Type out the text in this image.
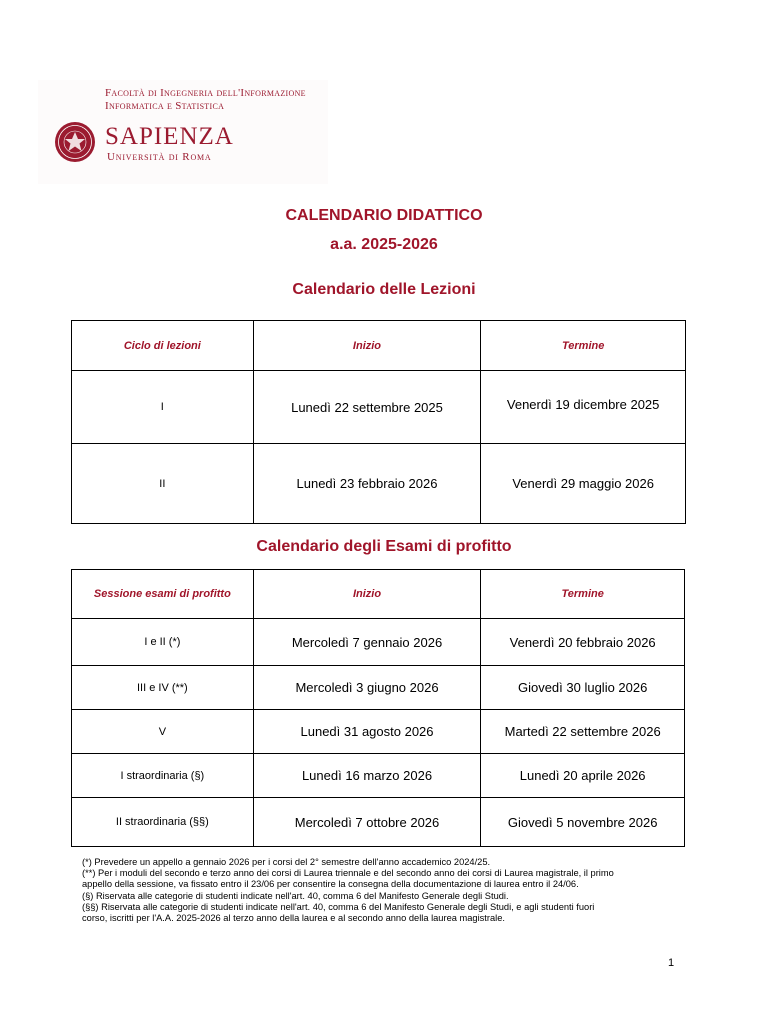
Facoltà di Ingegneria dell'Informazione
Informatica e Statistica
SAPIENZA
Università di Roma
CALENDARIO DIDATTICO
a.a. 2025-2026
Calendario delle Lezioni
Ciclo di lezioni	Inizio	Termine
I	Lunedì 22 settembre 2025	Venerdì 19 dicembre 2025
II	Lunedì 23 febbraio 2026	Venerdì 29 maggio 2026
Calendario degli Esami di profitto
Sessione esami di profitto	Inizio	Termine
I e II (*)	Mercoledì 7 gennaio 2026	Venerdì 20 febbraio 2026
III e IV (**)	Mercoledì 3 giugno 2026	Giovedì 30 luglio 2026
V	Lunedì 31 agosto 2026	Martedì 22 settembre 2026
I straordinaria (§)	Lunedì 16 marzo 2026	Lunedì 20 aprile 2026
II straordinaria (§§)	Mercoledì 7 ottobre 2026	Giovedì 5 novembre 2026
(*) Prevedere un appello a gennaio 2026 per i corsi del 2° semestre dell'anno accademico 2024/25.
(**) Per i moduli del secondo e terzo anno dei corsi di Laurea triennale e del secondo anno dei corsi di Laurea magistrale, il primo
appello della sessione, va fissato entro il 23/06 per consentire la consegna della documentazione di laurea entro il 24/06.
(§) Riservata alle categorie di studenti indicate nell'art. 40, comma 6 del Manifesto Generale degli Studi.
(§§) Riservata alle categorie di studenti indicate nell'art. 40, comma 6 del Manifesto Generale degli Studi, e agli studenti fuori
corso, iscritti per l'A.A. 2025-2026 al terzo anno della laurea e al secondo anno della laurea magistrale.
1
